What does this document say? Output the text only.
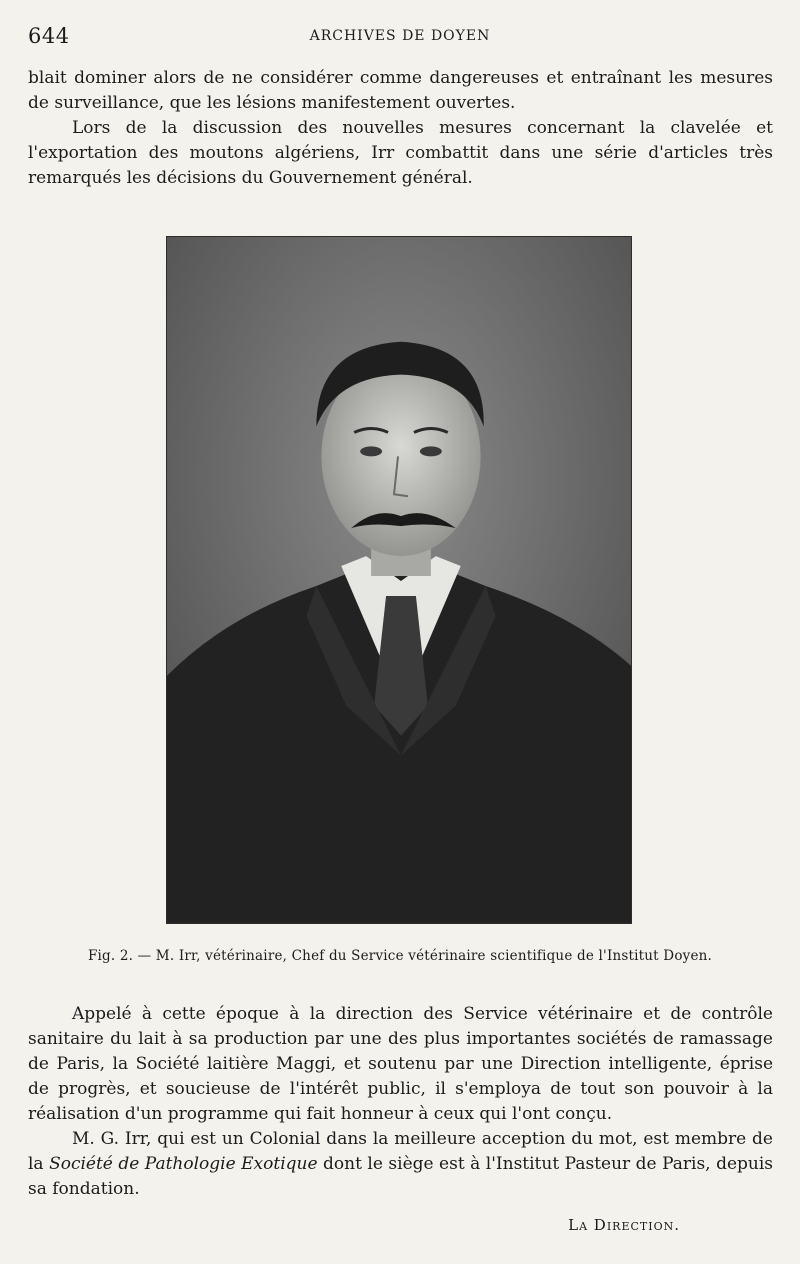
644	ARCHIVES DE DOYEN

blait dominer alors de ne considérer comme dangereuses et entraînant les mesures de surveillance, que les lésions manifestement ouvertes.

Lors de la discussion des nouvelles mesures concernant la clavelée et l'exportation des moutons algériens, Irr combattit dans une série d'articles très remarqués les décisions du Gouvernement général.

Fig. 2. — M. Irr, vétérinaire, Chef du Service vétérinaire scientifique de l'Institut Doyen.

Appelé à cette époque à la direction des Service vétérinaire et de contrôle sanitaire du lait à sa production par une des plus importantes sociétés de ramassage de Paris, la Société laitière Maggi, et soutenu par une Direction intelligente, éprise de progrès, et soucieuse de l'intérêt public, il s'employa de tout son pouvoir à la réalisation d'un programme qui fait honneur à ceux qui l'ont conçu.

M. G. Irr, qui est un Colonial dans la meilleure acception du mot, est membre de la Société de Pathologie Exotique dont le siège est à l'Institut Pasteur de Paris, depuis sa fondation.

La Direction.
